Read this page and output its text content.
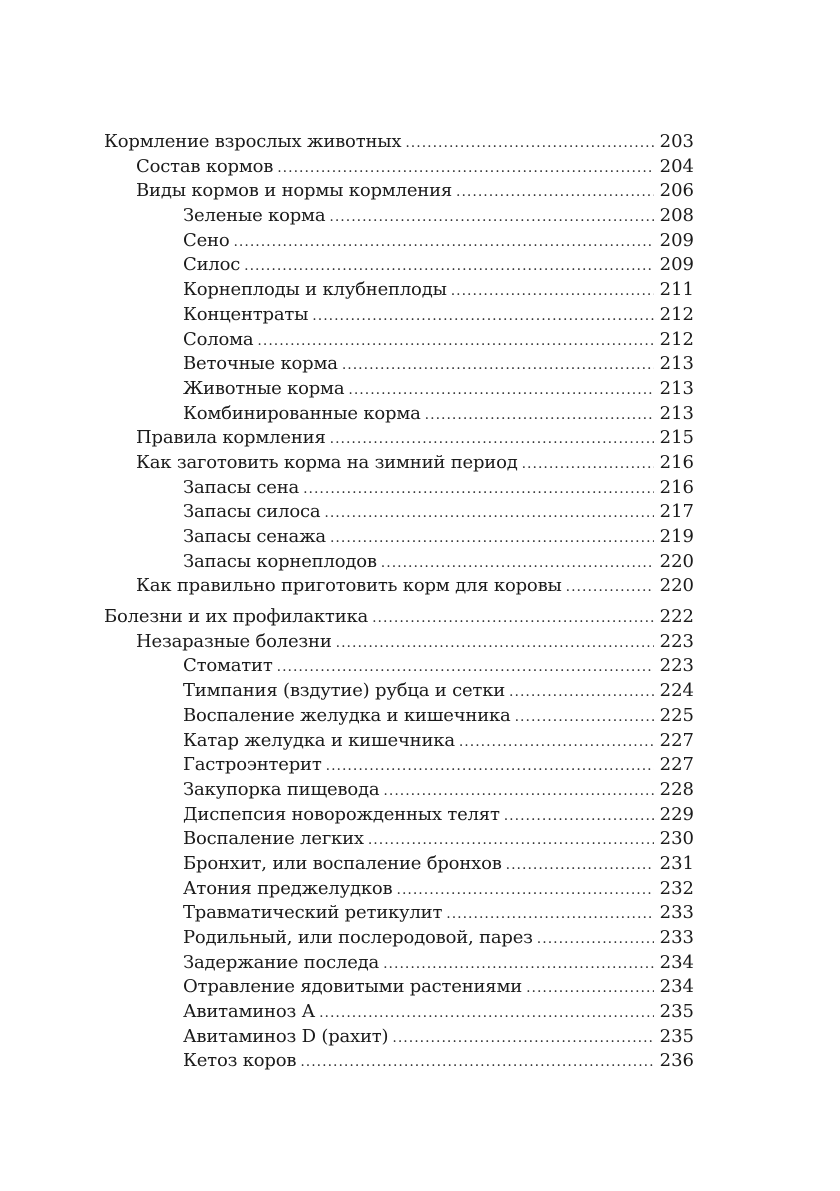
Кормление взрослых животных .....	203
Состав кормов .....	204
Виды кормов и нормы кормления .....	206
Зеленые корма .....	208
Сено .....	209
Силос .....	209
Корнеплоды и клубнеплоды .....	211
Концентраты .....	212
Солома .....	212
Веточные корма .....	213
Животные корма .....	213
Комбинированные корма .....	213
Правила кормления .....	215
Как заготовить корма на зимний период .....	216
Запасы сена .....	216
Запасы силоса .....	217
Запасы сенажа .....	219
Запасы корнеплодов .....	220
Как правильно приготовить корм для коровы .....	220
Болезни и их профилактика .....	222
Незаразные болезни .....	223
Стоматит .....	223
Тимпания (вздутие) рубца и сетки .....	224
Воспаление желудка и кишечника .....	225
Катар желудка и кишечника .....	227
Гастроэнтерит .....	227
Закупорка пищевода .....	228
Диспепсия новорожденных телят .....	229
Воспаление легких .....	230
Бронхит, или воспаление бронхов .....	231
Атония преджелудков .....	232
Травматический ретикулит .....	233
Родильный, или послеродовой, парез .....	233
Задержание последа .....	234
Отравление ядовитыми растениями .....	234
Авитаминоз А .....	235
Авитаминоз D (рахит) .....	235
Кетоз коров .....	236
